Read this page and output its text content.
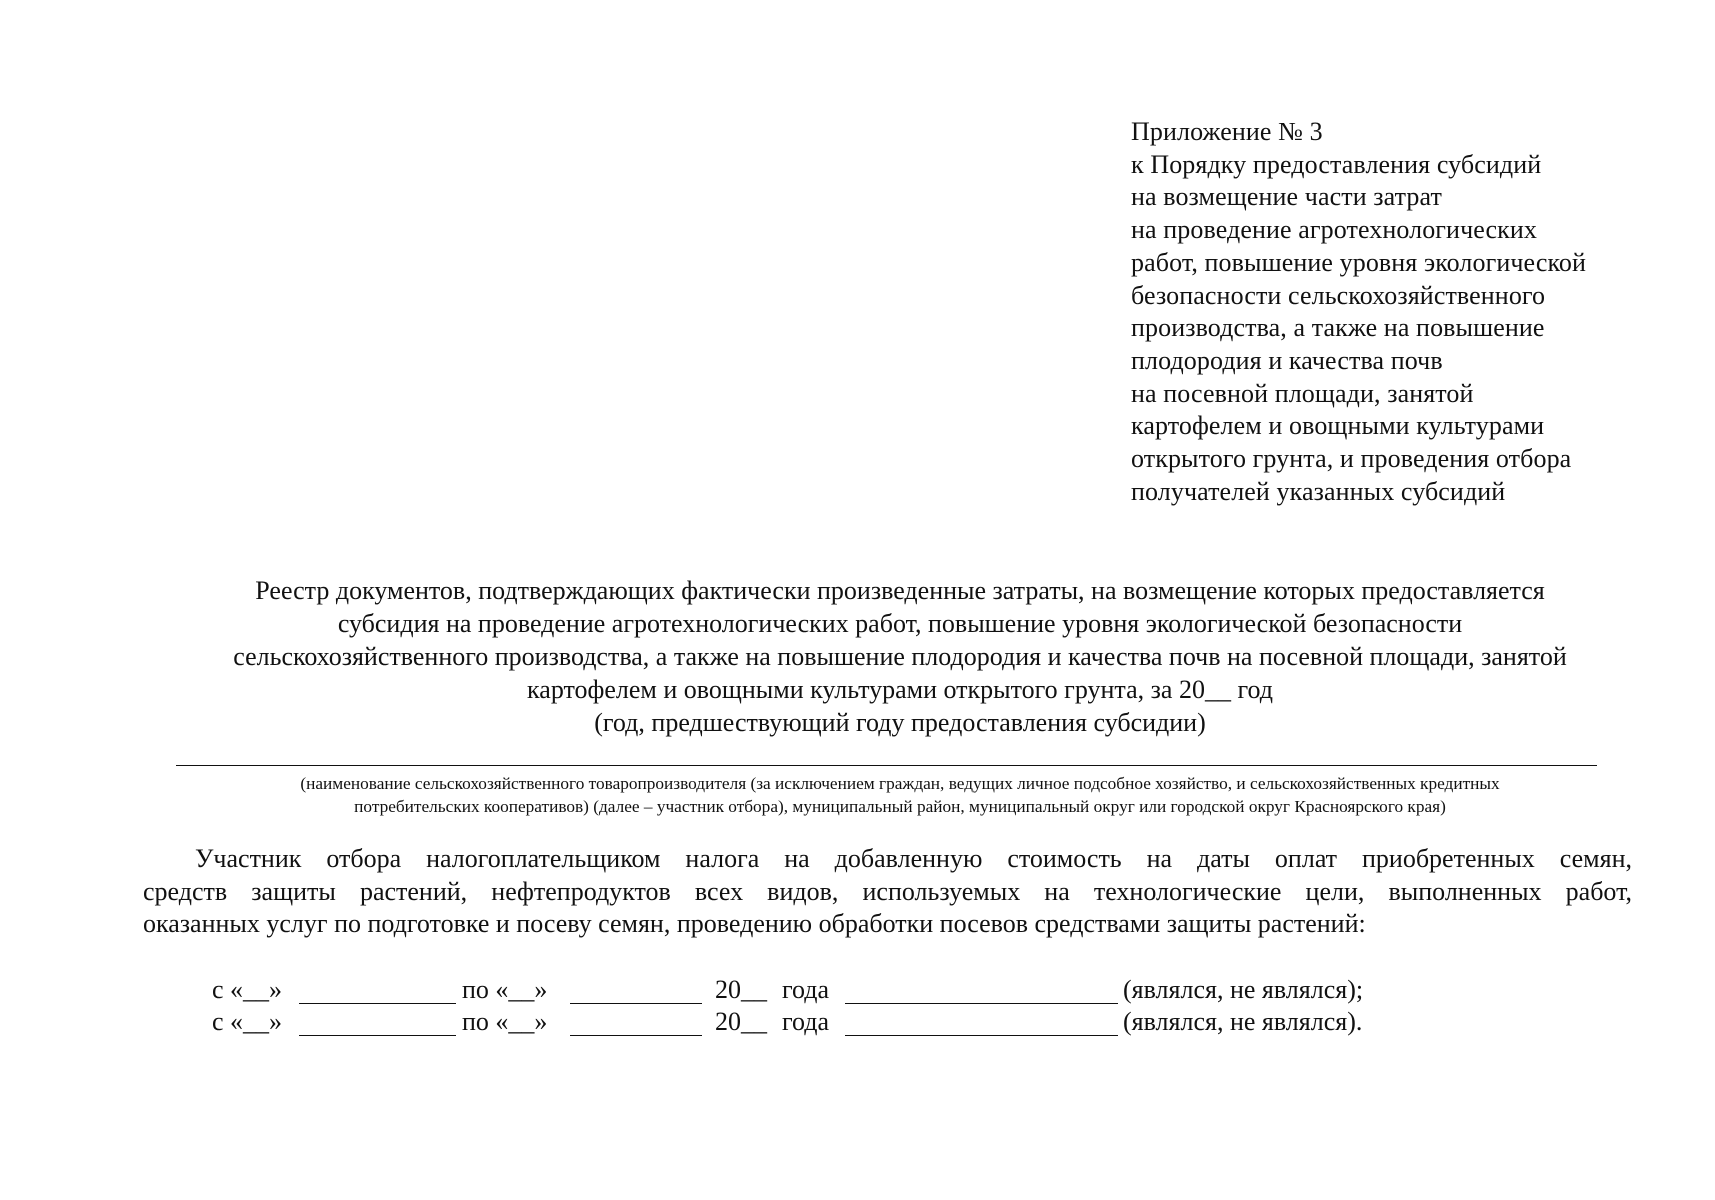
Приложение № 3
к Порядку предоставления субсидий
на возмещение части затрат
на проведение агротехнологических
работ, повышение уровня экологической
безопасности сельскохозяйственного
производства, а также на повышение
плодородия и качества почв
на посевной площади, занятой
картофелем и овощными культурами
открытого грунта, и проведения отбора
получателей указанных субсидий
Реестр документов, подтверждающих фактически произведенные затраты, на возмещение которых предоставляется
субсидия на проведение агротехнологических работ, повышение уровня экологической безопасности
сельскохозяйственного производства, а также на повышение плодородия и качества почв на посевной площади, занятой
картофелем и овощными культурами открытого грунта, за 20__ год
(год, предшествующий году предоставления субсидии)
(наименование сельскохозяйственного товаропроизводителя (за исключением граждан, ведущих личное подсобное хозяйство, и сельскохозяйственных кредитных
потребительских кооперативов) (далее – участник отбора), муниципальный район, муниципальный округ или городской округ Красноярского края)
Участник отбора налогоплательщиком налога на добавленную стоимость на даты оплат приобретенных семян,
средств защиты растений, нефтепродуктов всех видов, используемых на технологические цели, выполненных работ,
оказанных услуг по подготовке и посеву семян, проведению обработки посевов средствами защиты растений:
с «__»	по «__»	20__ года	(являлся, не являлся);
с «__»	по «__»	20__ года	(являлся, не являлся).
